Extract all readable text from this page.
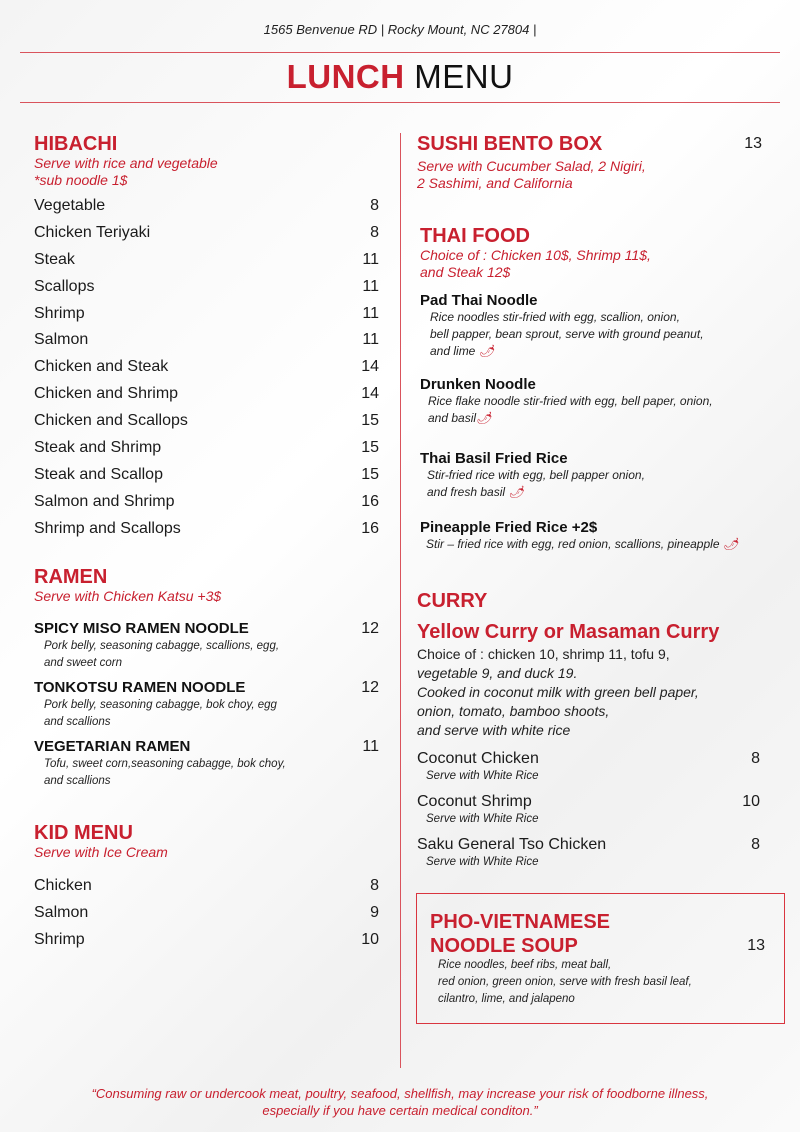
1565 Benvenue RD | Rocky Mount, NC 27804 |
LUNCH MENU
HIBACHI
Serve with rice and vegetable
*sub noodle 1$
Vegetable	8
Chicken Teriyaki	8
Steak	11
Scallops	11
Shrimp	11
Salmon	11
Chicken and Steak	14
Chicken and Shrimp	14
Chicken and Scallops	15
Steak and Shrimp	15
Steak and Scallop	15
Salmon and Shrimp	16
Shrimp and Scallops	16
RAMEN
Serve with Chicken Katsu +3$
SPICY MISO RAMEN NOODLE	12
Pork belly, seasoning cabagge, scallions, egg,
and sweet corn
TONKOTSU RAMEN NOODLE	12
Pork belly, seasoning cabagge, bok choy, egg
and scallions
VEGETARIAN RAMEN	11
Tofu, sweet corn,seasoning cabagge, bok choy,
and scallions
KID MENU
Serve with Ice Cream
Chicken	8
Salmon	9
Shrimp	10
SUSHI BENTO BOX	13
Serve with Cucumber Salad, 2 Nigiri,
2 Sashimi, and California
THAI FOOD
Choice of : Chicken 10$, Shrimp 11$,
and Steak 12$
Pad Thai Noodle
Rice noodles stir-fried with egg, scallion, onion,
bell papper, bean sprout, serve with ground peanut,
and lime 🌶
Drunken Noodle
Rice flake noodle stir-fried with egg, bell paper, onion,
and basil🌶
Thai Basil Fried Rice
Stir-fried rice with egg, bell papper onion,
and fresh basil 🌶
Pineapple Fried Rice +2$
Stir – fried rice with egg, red onion, scallions, pineapple 🌶
CURRY
Yellow Curry or Masaman Curry
Choice of : chicken 10, shrimp 11, tofu 9,
vegetable 9, and duck 19.
Cooked in coconut milk with green bell paper,
onion, tomato, bamboo shoots,
and serve with white rice
Coconut Chicken	8
Serve with White Rice
Coconut Shrimp	10
Serve with White Rice
Saku General Tso Chicken	8
Serve with White Rice
PHO-VIETNAMESE
NOODLE SOUP	13
Rice noodles, beef ribs, meat ball,
red onion, green onion, serve with fresh basil leaf,
cilantro, lime, and jalapeno
“Consuming raw or undercook meat, poultry, seafood, shellfish, may increase your risk of foodborne illness,
especially if you have certain medical conditon.”
